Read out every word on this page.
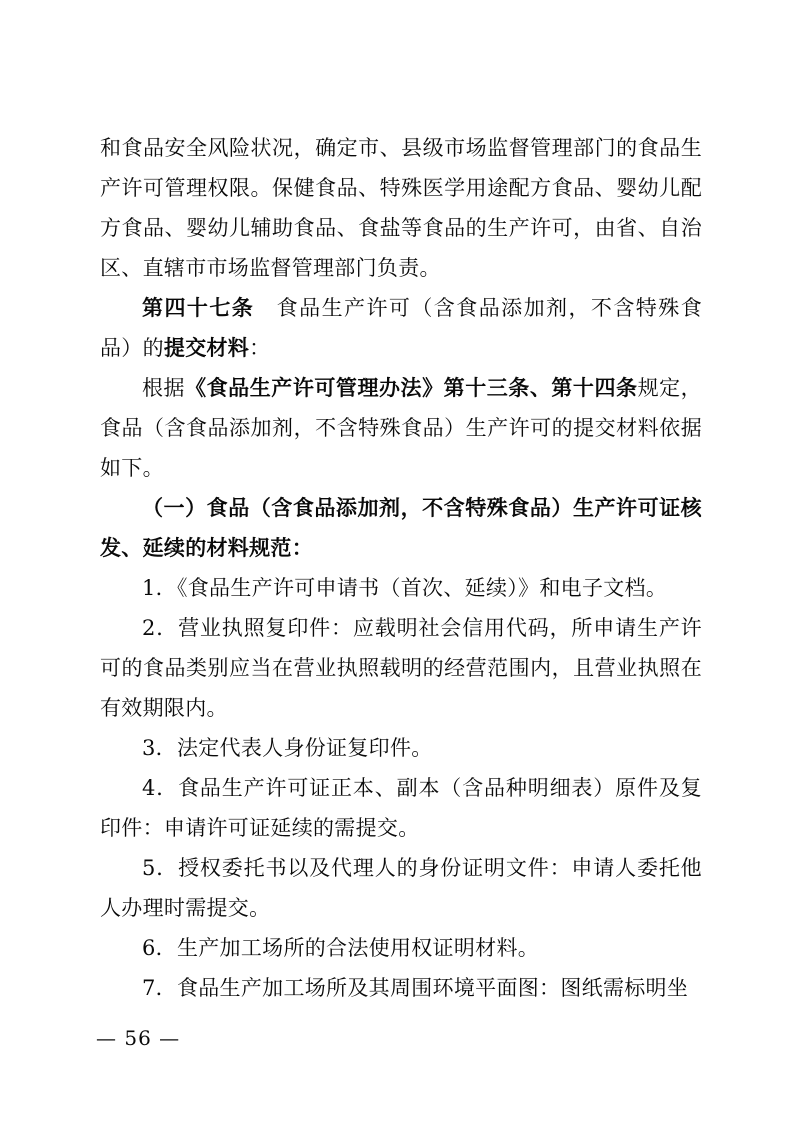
和食品安全风险状况，确定市、县级市场监督管理部门的食品生产许可管理权限。保健食品、特殊医学用途配方食品、婴幼儿配方食品、婴幼儿辅助食品、食盐等食品的生产许可，由省、自治区、直辖市市场监督管理部门负责。

第四十七条　食品生产许可（含食品添加剂，不含特殊食品）的提交材料：

根据《食品生产许可管理办法》第十三条、第十四条规定，食品（含食品添加剂，不含特殊食品）生产许可的提交材料依据如下。

（一）食品（含食品添加剂，不含特殊食品）生产许可证核发、延续的材料规范：

1．《食品生产许可申请书（首次、延续）》和电子文档。

2．营业执照复印件：应载明社会信用代码，所申请生产许可的食品类别应当在营业执照载明的经营范围内，且营业执照在有效期限内。

3．法定代表人身份证复印件。

4．食品生产许可证正本、副本（含品种明细表）原件及复印件：申请许可证延续的需提交。

5．授权委托书以及代理人的身份证明文件：申请人委托他人办理时需提交。

6．生产加工场所的合法使用权证明材料。

7．食品生产加工场所及其周围环境平面图：图纸需标明坐

— 56 —
